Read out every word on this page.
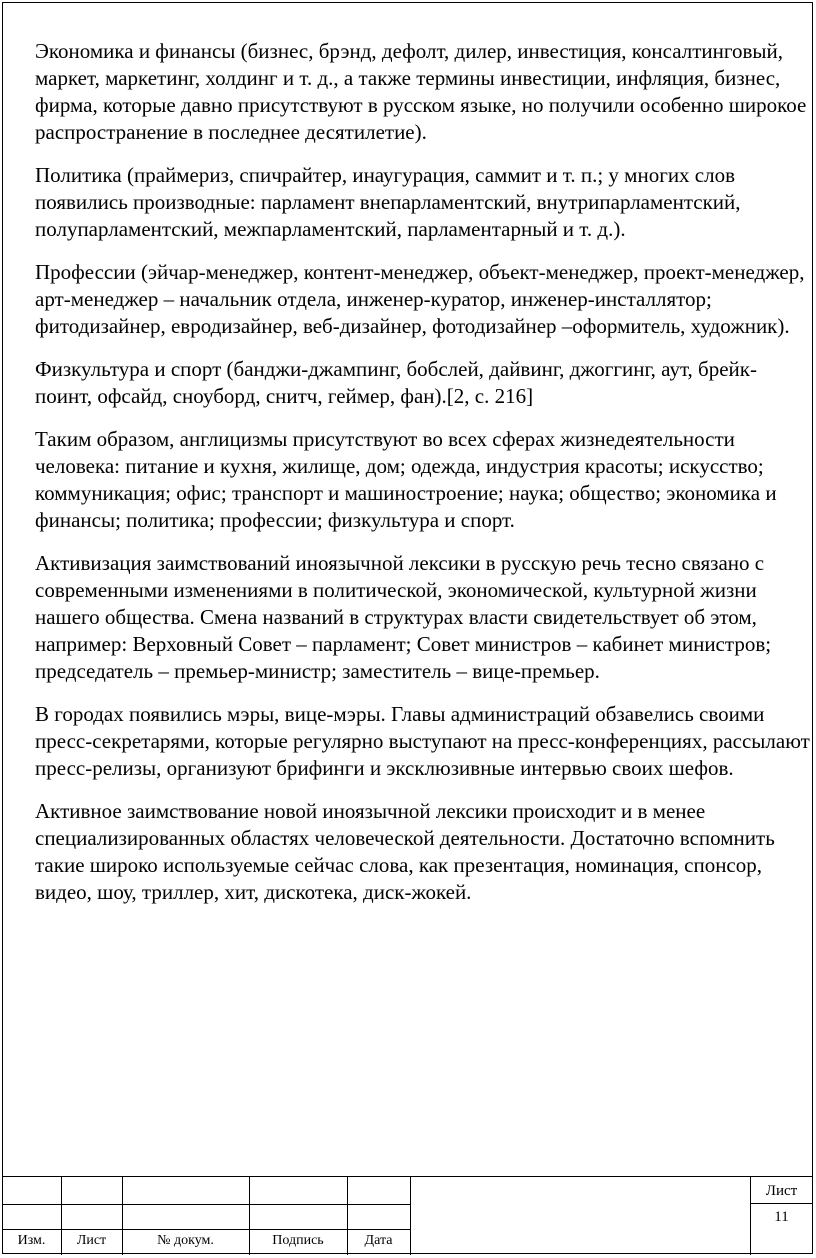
Экономика и финансы (бизнес, брэнд, дефолт, дилер, инвестиция, консалтинговый, маркет, маркетинг, холдинг и т. д., а также термины инвестиции, инфляция, бизнес, фирма, которые давно присутствуют в русском языке, но получили особенно широкое распространение в последнее десятилетие).

Политика (праймериз, спичрайтер, инаугурация, саммит и т. п.; у многих слов появились производные: парламент внепарламентский, внутрипарламентский, полупарламентский, межпарламентский, парламентарный и т. д.).

Профессии (эйчар-менеджер, контент-менеджер, объект-менеджер, проект-менеджер, арт-менеджер – начальник отдела, инженер-куратор, инженер-инсталлятор; фитодизайнер, евродизайнер, веб-дизайнер, фотодизайнер –оформитель, художник).

Физкультура и спорт (банджи-джампинг, бобслей, дайвинг, джоггинг, аут, брейк-поинт, офсайд, сноуборд, снитч, геймер, фан).[2, с. 216]

Таким образом, англицизмы присутствуют во всех сферах жизнедеятельности человека: питание и кухня, жилище, дом; одежда, индустрия красоты; искусство; коммуникация; офис; транспорт и машиностроение; наука; общество; экономика и финансы; политика; профессии; физкультура и спорт.

Активизация заимствований иноязычной лексики в русскую речь тесно связано с современными изменениями в политической, экономической, культурной жизни нашего общества. Смена названий в структурах власти свидетельствует об этом, например: Верховный Совет – парламент; Совет министров – кабинет министров; председатель – премьер-министр; заместитель – вице-премьер.

В городах появились мэры, вице-мэры. Главы администраций обзавелись своими пресс-секретарями, которые регулярно выступают на пресс-конференциях, рассылают пресс-релизы, организуют брифинги и эксклюзивные интервью своих шефов.

Активное заимствование новой иноязычной лексики происходит и в менее специализированных областях человеческой деятельности. Достаточно вспомнить такие широко используемые сейчас слова, как презентация, номинация, спонсор, видео, шоу, триллер, хит, дискотека, диск-жокей.

Изм.	Лист	№ докум.	Подпись	Дата
Лист
11
